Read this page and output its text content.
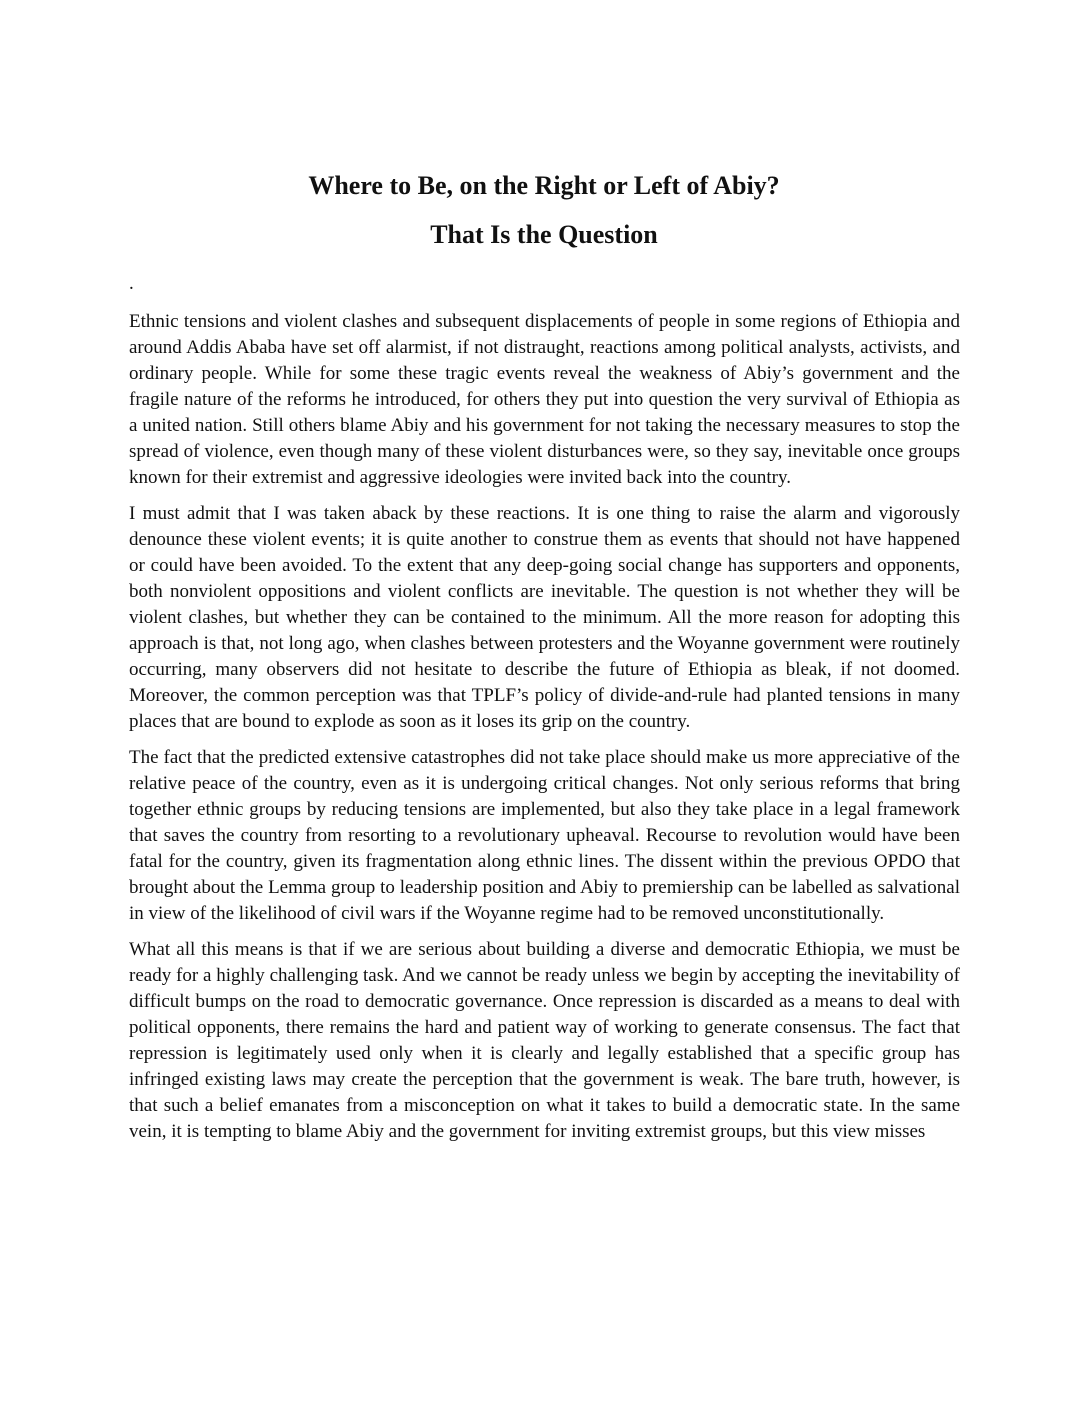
Where to Be, on the Right or Left of Abiy?
That Is the Question

.

Ethnic tensions and violent clashes and subsequent displacements of people in some regions of Ethiopia and around Addis Ababa have set off alarmist, if not distraught, reactions among political analysts, activists, and ordinary people. While for some these tragic events reveal the weakness of Abiy’s government and the fragile nature of the reforms he introduced, for others they put into question the very survival of Ethiopia as a united nation. Still others blame Abiy and his government for not taking the necessary measures to stop the spread of violence, even though many of these violent disturbances were, so they say, inevitable once groups known for their extremist and aggressive ideologies were invited back into the country.

I must admit that I was taken aback by these reactions. It is one thing to raise the alarm and vigorously denounce these violent events; it is quite another to construe them as events that should not have happened or could have been avoided. To the extent that any deep-going social change has supporters and opponents, both nonviolent oppositions and violent conflicts are inevitable. The question is not whether they will be violent clashes, but whether they can be contained to the minimum. All the more reason for adopting this approach is that, not long ago, when clashes between protesters and the Woyanne government were routinely occurring, many observers did not hesitate to describe the future of Ethiopia as bleak, if not doomed. Moreover, the common perception was that TPLF’s policy of divide-and-rule had planted tensions in many places that are bound to explode as soon as it loses its grip on the country.

The fact that the predicted extensive catastrophes did not take place should make us more appreciative of the relative peace of the country, even as it is undergoing critical changes. Not only serious reforms that bring together ethnic groups by reducing tensions are implemented, but also they take place in a legal framework that saves the country from resorting to a revolutionary upheaval. Recourse to revolution would have been fatal for the country, given its fragmentation along ethnic lines. The dissent within the previous OPDO that brought about the Lemma group to leadership position and Abiy to premiership can be labelled as salvational in view of the likelihood of civil wars if the Woyanne regime had to be removed unconstitutionally.

What all this means is that if we are serious about building a diverse and democratic Ethiopia, we must be ready for a highly challenging task. And we cannot be ready unless we begin by accepting the inevitability of difficult bumps on the road to democratic governance. Once repression is discarded as a means to deal with political opponents, there remains the hard and patient way of working to generate consensus. The fact that repression is legitimately used only when it is clearly and legally established that a specific group has infringed existing laws may create the perception that the government is weak. The bare truth, however, is that such a belief emanates from a misconception on what it takes to build a democratic state. In the same vein, it is tempting to blame Abiy and the government for inviting extremist groups, but this view misses
